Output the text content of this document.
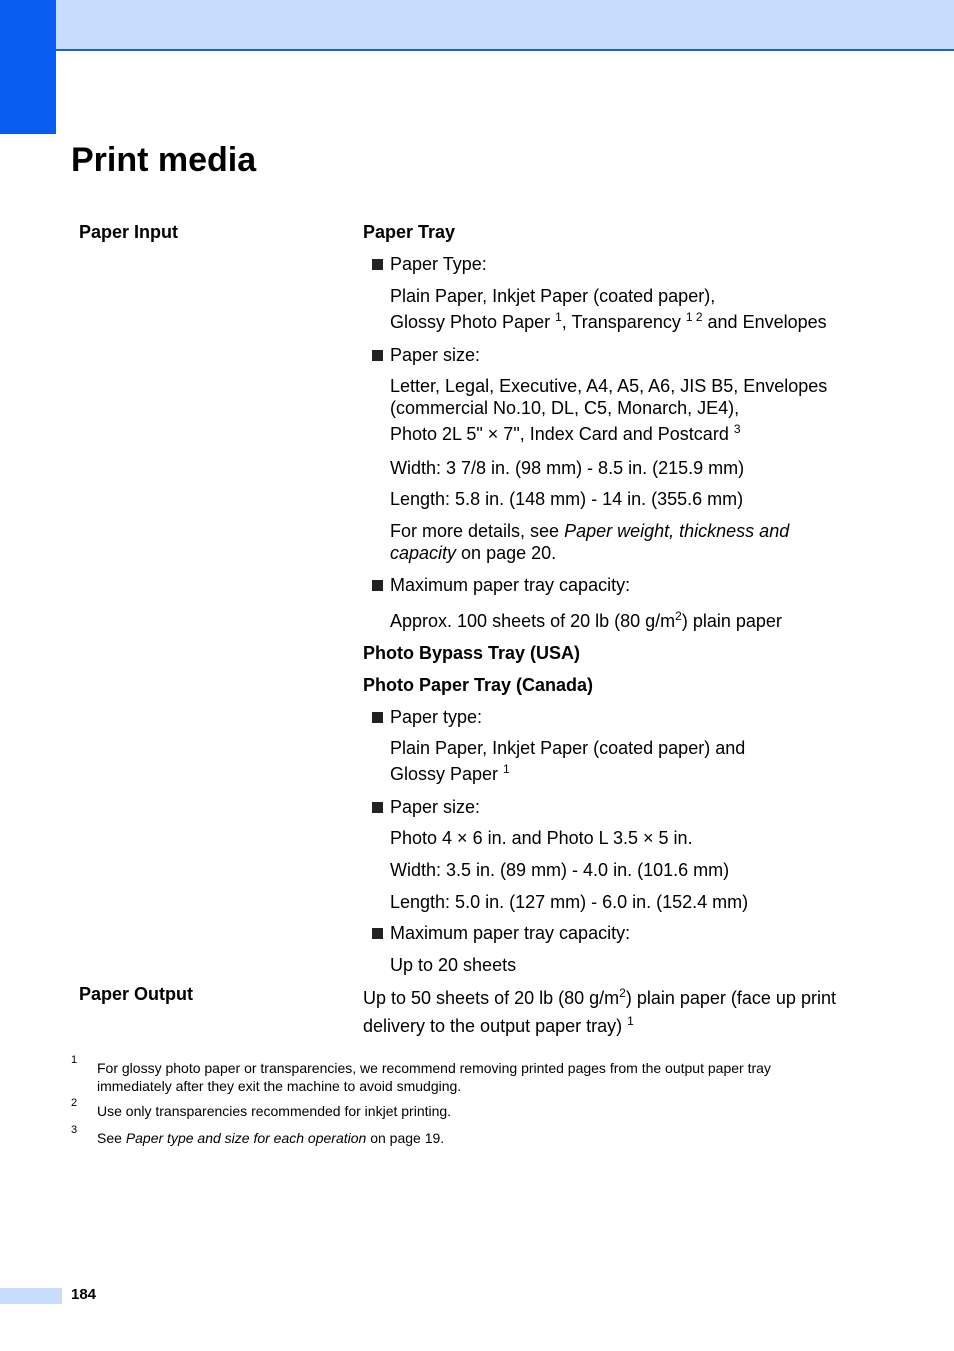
Print media
Paper Input	Paper Tray
Paper Type:
Plain Paper, Inkjet Paper (coated paper),
Glossy Photo Paper $^1$, Transparency $^{1 2}$ and Envelopes
Paper size:
Letter, Legal, Executive, A4, A5, A6, JIS B5, Envelopes
(commercial No.10, DL, C5, Monarch, JE4),
Photo 2L 5" × 7", Index Card and Postcard $^3$
Width: 3 7/8 in. (98 mm) - 8.5 in. (215.9 mm)
Length: 5.8 in. (148 mm) - 14 in. (355.6 mm)
For more details, see Paper weight, thickness and
capacity on page 20.
Maximum paper tray capacity:
Approx. 100 sheets of 20 lb (80 $g/m^2$) plain paper
Photo Bypass Tray (USA)
Photo Paper Tray (Canada)
Paper type:
Plain Paper, Inkjet Paper (coated paper) and
Glossy Paper $^1$
Paper size:
Photo 4 × 6 in. and Photo L 3.5 × 5 in.
Width: 3.5 in. (89 mm) - 4.0 in. (101.6 mm)
Length: 5.0 in. (127 mm) - 6.0 in. (152.4 mm)
Maximum paper tray capacity:
Up to 20 sheets
Paper Output	Up to 50 sheets of 20 lb (80 $g/m^2$) plain paper (face up print
delivery to the output paper tray) $^1$
1 For glossy photo paper or transparencies, we recommend removing printed pages from the output paper tray
immediately after they exit the machine to avoid smudging.
2 Use only transparencies recommended for inkjet printing.
3 See Paper type and size for each operation on page 19.
184
